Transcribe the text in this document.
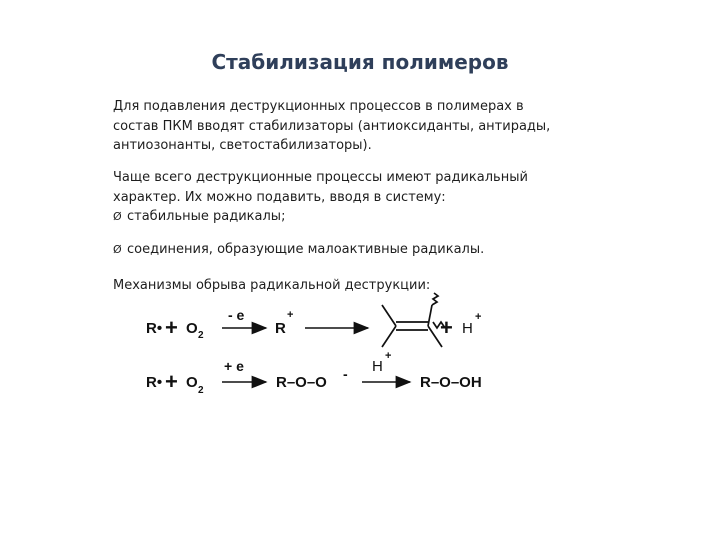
Стабилизация полимеров
Для подавления деструкционных процессов в полимерах в
состав ПКМ вводят стабилизаторы (антиоксиданты, антирады,
антиозонанты, светостабилизаторы).
Чаще всего деструкционные процессы имеют радикальный
характер. Их можно подавить, вводя в систему:
Ø стабильные радикалы;
Ø соединения, образующие малоактивные радикалы.
Механизмы обрыва радикальной деструкции:
R• + O 2
- e
R
+	+ H
+
R• + O 2
+ e
R–O–O - H
+
R–O–OH
